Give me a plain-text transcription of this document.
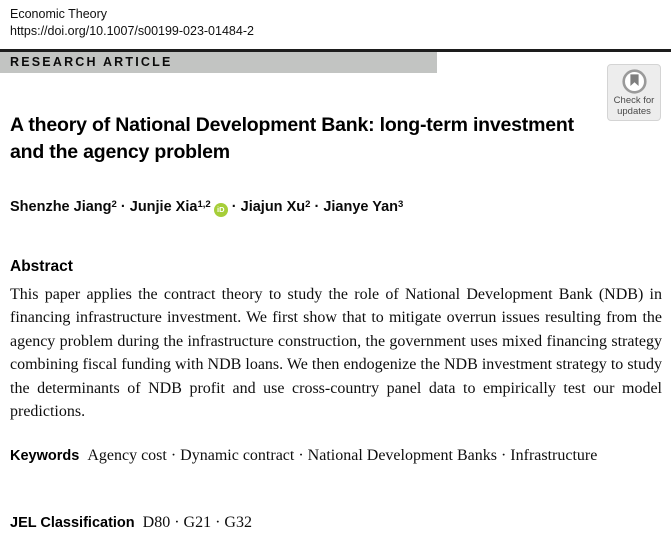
Economic Theory
https://doi.org/10.1007/s00199-023-01484-2
RESEARCH ARTICLE
Check for
updates
A theory of National Development Bank: long-term investment and the agency problem
Shenzhe Jiang$^2$ · Junjie Xia$^{1,2}$ iD · Jiajun $Xu^2$ · Jianye Yan$^3$
Abstract

This paper applies the contract theory to study the role of National Development Bank (NDB) in financing infrastructure investment. We first show that to mitigate overrun issues resulting from the agency problem during the infrastructure construction, the government uses mixed financing strategy combining fiscal funding with NDB loans. We then endogenize the NDB investment strategy to study the determinants of NDB profit and use cross-country panel data to empirically test our model predictions.

Keywords Agency cost · Dynamic contract · National Development Banks · Infrastructure
JEL Classification D80 · G21 · G32
